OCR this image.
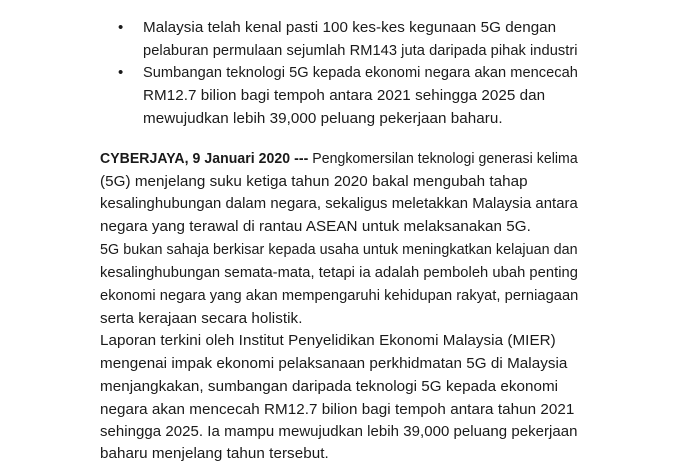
• Malaysia telah kenal pasti 100 kes-kes kegunaan 5G dengan
pelaburan permulaan sejumlah RM143 juta daripada pihak industri
• Sumbangan teknologi 5G kepada ekonomi negara akan mencecah
RM12.7 bilion bagi tempoh antara 2021 sehingga 2025 dan
mewujudkan lebih 39,000 peluang pekerjaan baharu.
CYBERJAYA, 9 Januari 2020 --- Pengkomersilan teknologi generasi kelima
(5G) menjelang suku ketiga tahun 2020 bakal mengubah tahap
kesalinghubungan dalam negara, sekaligus meletakkan Malaysia antara
negara yang terawal di rantau ASEAN untuk melaksanakan 5G.
5G bukan sahaja berkisar kepada usaha untuk meningkatkan kelajuan dan
kesalinghubungan semata-mata, tetapi ia adalah pemboleh ubah penting
ekonomi negara yang akan mempengaruhi kehidupan rakyat, perniagaan
serta kerajaan secara holistik.
Laporan terkini oleh Institut Penyelidikan Ekonomi Malaysia (MIER)
mengenai impak ekonomi pelaksanaan perkhidmatan 5G di Malaysia
menjangkakan, sumbangan daripada teknologi 5G kepada ekonomi
negara akan mencecah RM12.7 bilion bagi tempoh antara tahun 2021
sehingga 2025. Ia mampu mewujudkan lebih 39,000 peluang pekerjaan
baharu menjelang tahun tersebut.
